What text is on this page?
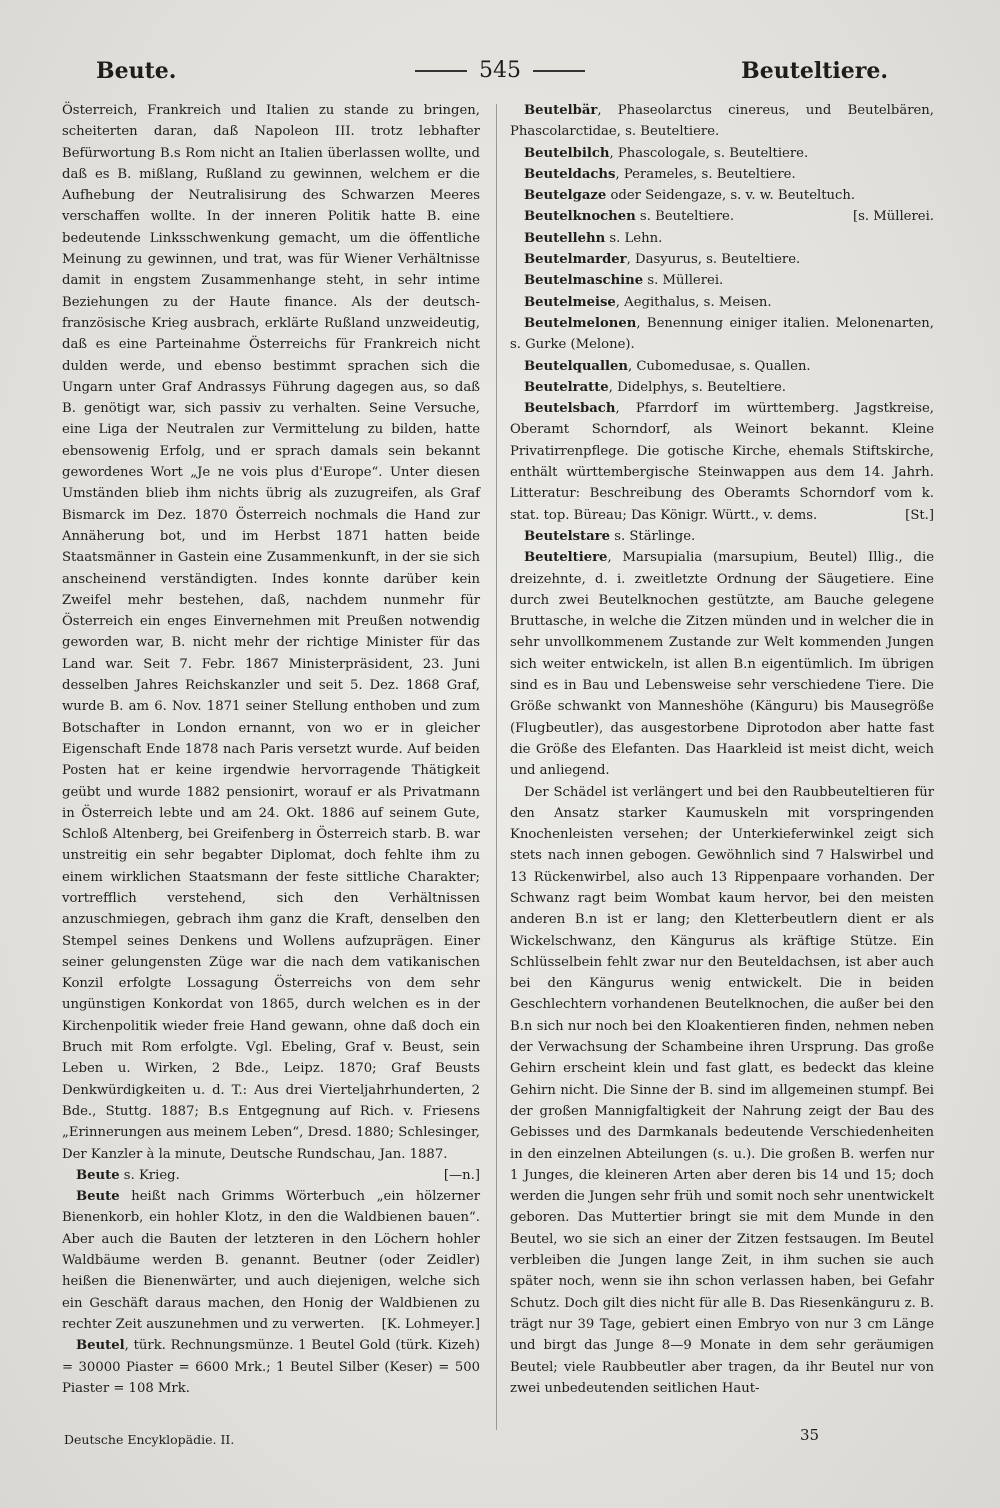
Beute.	545	Beuteltiere.

Österreich, Frankreich und Italien zu stande zu bringen, scheiterten daran, daß Napoleon III. trotz lebhafter Befürwortung B.s Rom nicht an Italien überlassen wollte, und daß es B. mißlang, Rußland zu gewinnen, welchem er die Aufhebung der Neutralisirung des Schwarzen Meeres verschaffen wollte. In der inneren Politik hatte B. eine bedeutende Linksschwenkung gemacht, um die öffentliche Meinung zu gewinnen, und trat, was für Wiener Verhältnisse damit in engstem Zusammenhange steht, in sehr intime Beziehungen zu der Haute finance. Als der deutsch-französische Krieg ausbrach, erklärte Rußland unzweideutig, daß es eine Parteinahme Österreichs für Frankreich nicht dulden werde, und ebenso bestimmt sprachen sich die Ungarn unter Graf Andrassys Führung dagegen aus, so daß B. genötigt war, sich passiv zu verhalten. Seine Versuche, eine Liga der Neutralen zur Vermittelung zu bilden, hatte ebensowenig Erfolg, und er sprach damals sein bekannt gewordenes Wort „Je ne vois plus d'Europe“. Unter diesen Umständen blieb ihm nichts übrig als zuzugreifen, als Graf Bismarck im Dez. 1870 Österreich nochmals die Hand zur Annäherung bot, und im Herbst 1871 hatten beide Staatsmänner in Gastein eine Zusammenkunft, in der sie sich anscheinend verständigten. Indes konnte darüber kein Zweifel mehr bestehen, daß, nachdem nunmehr für Österreich ein enges Einvernehmen mit Preußen notwendig geworden war, B. nicht mehr der richtige Minister für das Land war. Seit 7. Febr. 1867 Ministerpräsident, 23. Juni desselben Jahres Reichskanzler und seit 5. Dez. 1868 Graf, wurde B. am 6. Nov. 1871 seiner Stellung enthoben und zum Botschafter in London ernannt, von wo er in gleicher Eigenschaft Ende 1878 nach Paris versetzt wurde. Auf beiden Posten hat er keine irgendwie hervorragende Thätigkeit geübt und wurde 1882 pensionirt, worauf er als Privatmann in Österreich lebte und am 24. Okt. 1886 auf seinem Gute, Schloß Altenberg, bei Greifenberg in Österreich starb. B. war unstreitig ein sehr begabter Diplomat, doch fehlte ihm zu einem wirklichen Staatsmann der feste sittliche Charakter; vortrefflich verstehend, sich den Verhältnissen anzuschmiegen, gebrach ihm ganz die Kraft, denselben den Stempel seines Denkens und Wollens aufzuprägen. Einer seiner gelungensten Züge war die nach dem vatikanischen Konzil erfolgte Lossagung Österreichs von dem sehr ungünstigen Konkordat von 1865, durch welchen es in der Kirchenpolitik wieder freie Hand gewann, ohne daß doch ein Bruch mit Rom erfolgte. Vgl. Ebeling, Graf v. Beust, sein Leben u. Wirken, 2 Bde., Leipz. 1870; Graf Beusts Denkwürdigkeiten u. d. T.: Aus drei Vierteljahrhunderten, 2 Bde., Stuttg. 1887; B.s Entgegnung auf Rich. v. Friesens „Erinnerungen aus meinem Leben“, Dresd. 1880; Schlesinger, Der Kanzler à la minute, Deutsche Rundschau, Jan. 1887.
[—n.]

Beute s. Krieg.

Beute heißt nach Grimms Wörterbuch „ein hölzerner Bienenkorb, ein hohler Klotz, in den die Waldbienen bauen“. Aber auch die Bauten der letzteren in den Löchern hohler Waldbäume werden B. genannt. Beutner (oder Zeidler) heißen die Bienenwärter, und auch diejenigen, welche sich ein Geschäft daraus machen, den Honig der Waldbienen zu rechter Zeit auszunehmen und zu verwerten.	[K. Lohmeyer.]

Beutel, türk. Rechnungsmünze. 1 Beutel Gold (türk. Kizeh) = 30000 Piaster = 6600 Mrk.; 1 Beutel Silber (Keser) = 500 Piaster = 108 Mrk.

Beutelbär, Phaseolarctus cinereus, und Beutelbären, Phascolarctidae, s. Beuteltiere.

Beutelbilch, Phascologale, s. Beuteltiere.

Beuteldachs, Perameles, s. Beuteltiere.

Beutelgaze oder Seidengaze, s. v. w. Beuteltuch.

Beutelknochen s. Beuteltiere.	[s. Müllerei.

Beutellehn s. Lehn.

Beutelmarder, Dasyurus, s. Beuteltiere.

Beutelmaschine s. Müllerei.

Beutelmeise, Aegithalus, s. Meisen.

Beutelmelonen, Benennung einiger italien. Melonenarten, s. Gurke (Melone).

Beutelquallen, Cubomedusae, s. Quallen.

Beutelratte, Didelphys, s. Beuteltiere.

Beutelsbach, Pfarrdorf im württemberg. Jagstkreise, Oberamt Schorndorf, als Weinort bekannt. Kleine Privatirrenpflege. Die gotische Kirche, ehemals Stiftskirche, enthält württembergische Steinwappen aus dem 14. Jahrh. Litteratur: Beschreibung des Oberamts Schorndorf vom k. stat. top. Büreau; Das Königr. Württ., v. dems.	[St.]

Beutelstare s. Stärlinge.

Beuteltiere, Marsupialia (marsupium, Beutel) Illig., die dreizehnte, d. i. zweitletzte Ordnung der Säugetiere. Eine durch zwei Beutelknochen gestützte, am Bauche gelegene Bruttasche, in welche die Zitzen münden und in welcher die in sehr unvollkommenem Zustande zur Welt kommenden Jungen sich weiter entwickeln, ist allen B.n eigentümlich. Im übrigen sind es in Bau und Lebensweise sehr verschiedene Tiere. Die Größe schwankt von Manneshöhe (Känguru) bis Mausegröße (Flugbeutler), das ausgestorbene Diprotodon aber hatte fast die Größe des Elefanten. Das Haarkleid ist meist dicht, weich und anliegend.

Der Schädel ist verlängert und bei den Raubbeuteltieren für den Ansatz starker Kaumuskeln mit vorspringenden Knochenleisten versehen; der Unterkieferwinkel zeigt sich stets nach innen gebogen. Gewöhnlich sind 7 Halswirbel und 13 Rückenwirbel, also auch 13 Rippenpaare vorhanden. Der Schwanz ragt beim Wombat kaum hervor, bei den meisten anderen B.n ist er lang; den Kletterbeutlern dient er als Wickelschwanz, den Kängurus als kräftige Stütze. Ein Schlüsselbein fehlt zwar nur den Beuteldachsen, ist aber auch bei den Kängurus wenig entwickelt. Die in beiden Geschlechtern vorhandenen Beutelknochen, die außer bei den B.n sich nur noch bei den Kloakentieren finden, nehmen neben der Verwachsung der Schambeine ihren Ursprung. Das große Gehirn erscheint klein und fast glatt, es bedeckt das kleine Gehirn nicht. Die Sinne der B. sind im allgemeinen stumpf. Bei der großen Mannigfaltigkeit der Nahrung zeigt der Bau des Gebisses und des Darmkanals bedeutende Verschiedenheiten in den einzelnen Abteilungen (s. u.). Die großen B. werfen nur 1 Junges, die kleineren Arten aber deren bis 14 und 15; doch werden die Jungen sehr früh und somit noch sehr unentwickelt geboren. Das Muttertier bringt sie mit dem Munde in den Beutel, wo sie sich an einer der Zitzen festsaugen. Im Beutel verbleiben die Jungen lange Zeit, in ihm suchen sie auch später noch, wenn sie ihn schon verlassen haben, bei Gefahr Schutz. Doch gilt dies nicht für alle B. Das Riesenkänguru z. B. trägt nur 39 Tage, gebiert einen Embryo von nur 3 cm Länge und birgt das Junge 8—9 Monate in dem sehr geräumigen Beutel; viele Raubbeutler aber tragen, da ihr Beutel nur von zwei unbedeutenden seitlichen Haut-

Deutsche Encyklopädie. II.	35
